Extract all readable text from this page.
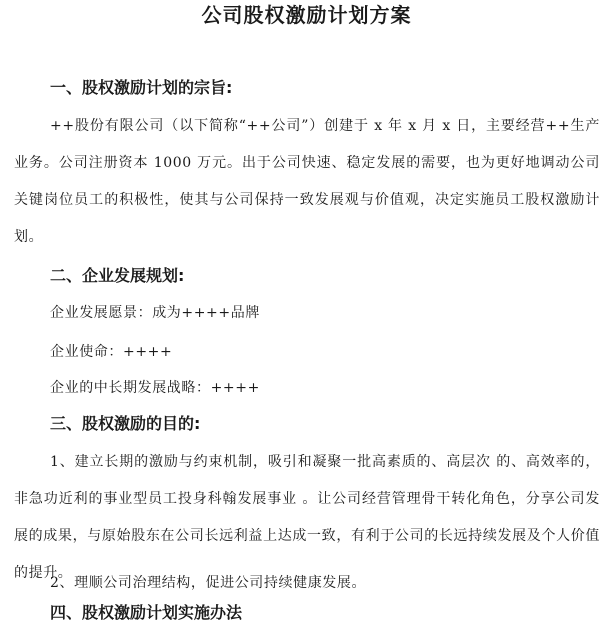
公司股权激励计划方案
一、股权激励计划的宗旨:

++股份有限公司（以下简称“++公司”）创建于 x 年 x 月 x 日，主要经营++生产业务。公司注册资本 1000 万元。出于公司快速、稳定发展的需要，也为更好地调动公司关键岗位员工的积极性，使其与公司保持一致发展观与价值观，决定实施员工股权激励计划。

二、企业发展规划:

企业发展愿景：成为++++品牌

企业使命：++++

企业的中长期发展战略：++++

三、股权激励的目的:

1、建立长期的激励与约束机制，吸引和凝聚一批高素质的、高层次 的、高效率的，非急功近利的事业型员工投身科翰发展事业 。让公司经营管理骨干转化角色，分享公司发展的成果，与原始股东在公司长远利益上达成一致，有利于公司的长远持续发展及个人价值的提升。

2、理顺公司治理结构，促进公司持续健康发展。

四、股权激励计划实施办法
